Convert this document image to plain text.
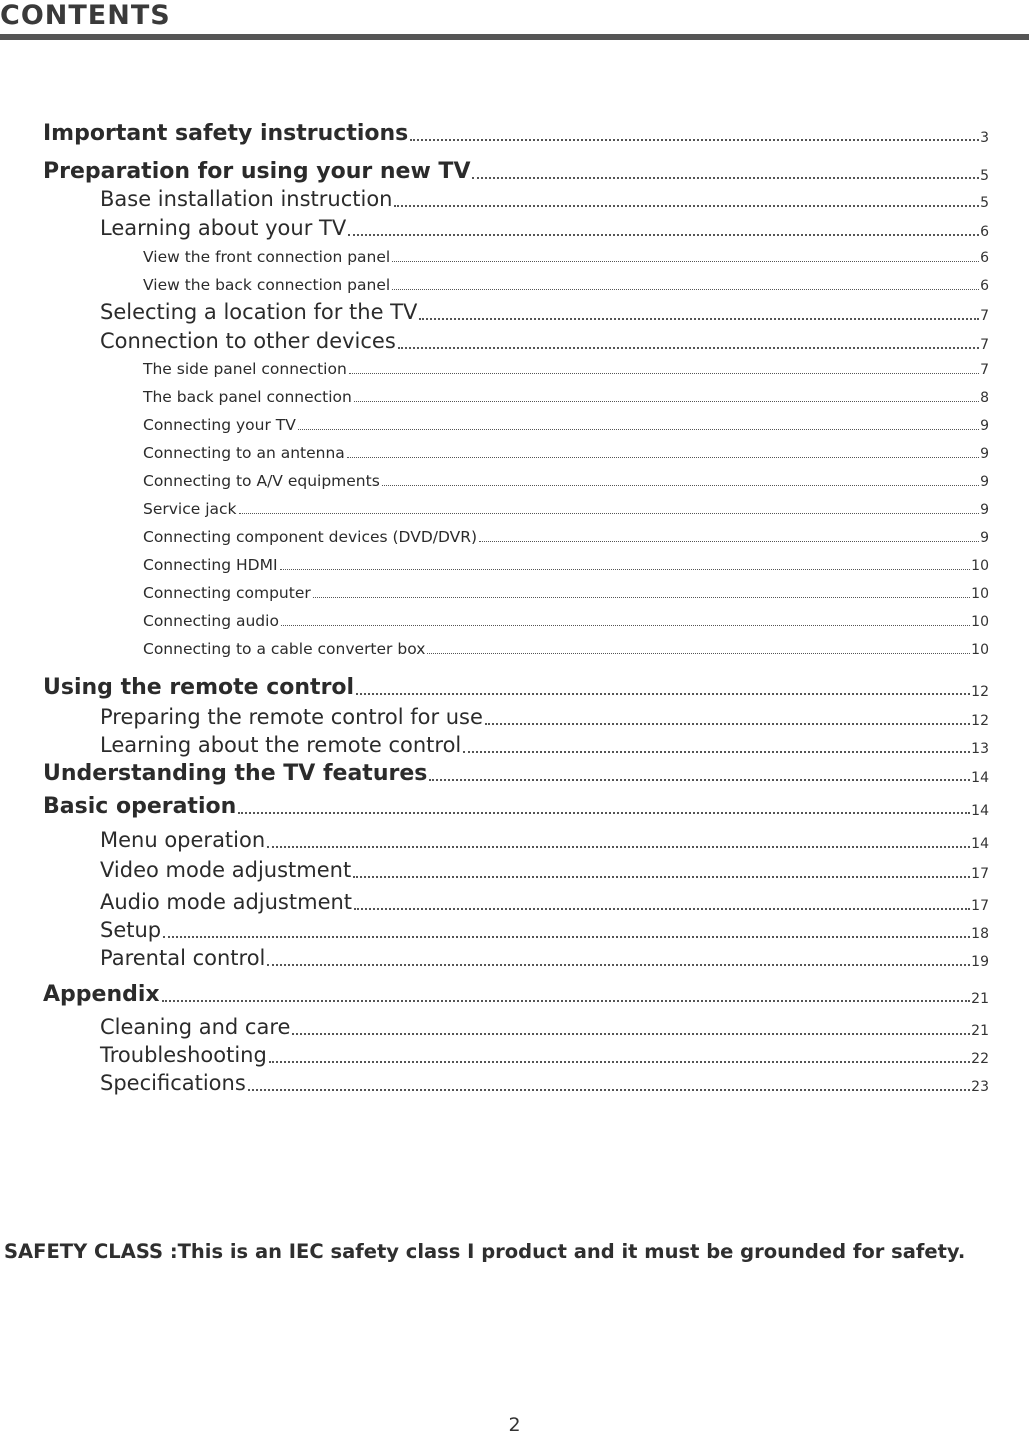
CONTENTS
Important safety instructions	3
Preparation for using your new TV	5
Base installation instruction	5
Learning about your TV	6
View the front connection panel	6
View the back connection panel	6
Selecting a location for the TV	7
Connection to other devices	7
The side panel connection	7
The back panel connection	8
Connecting your TV	9
Connecting to an antenna	9
Connecting to A/V equipments	9
Service jack	9
Connecting component devices (DVD/DVR)	9
Connecting HDMI	10
Connecting computer	10
Connecting audio	10
Connecting to a cable converter box	10
Using the remote control	12
Preparing the remote control for use	12
Learning about the remote control	13
Understanding the TV features	14
Basic operation	14
Menu operation	14
Video mode adjustment	17
Audio mode adjustment	17
Setup	18
Parental control	19
Appendix	21
Cleaning and care	21
Troubleshooting	22
Specifications	23
SAFETY CLASS :This is an IEC safety class I product and it must be grounded for safety.
2
